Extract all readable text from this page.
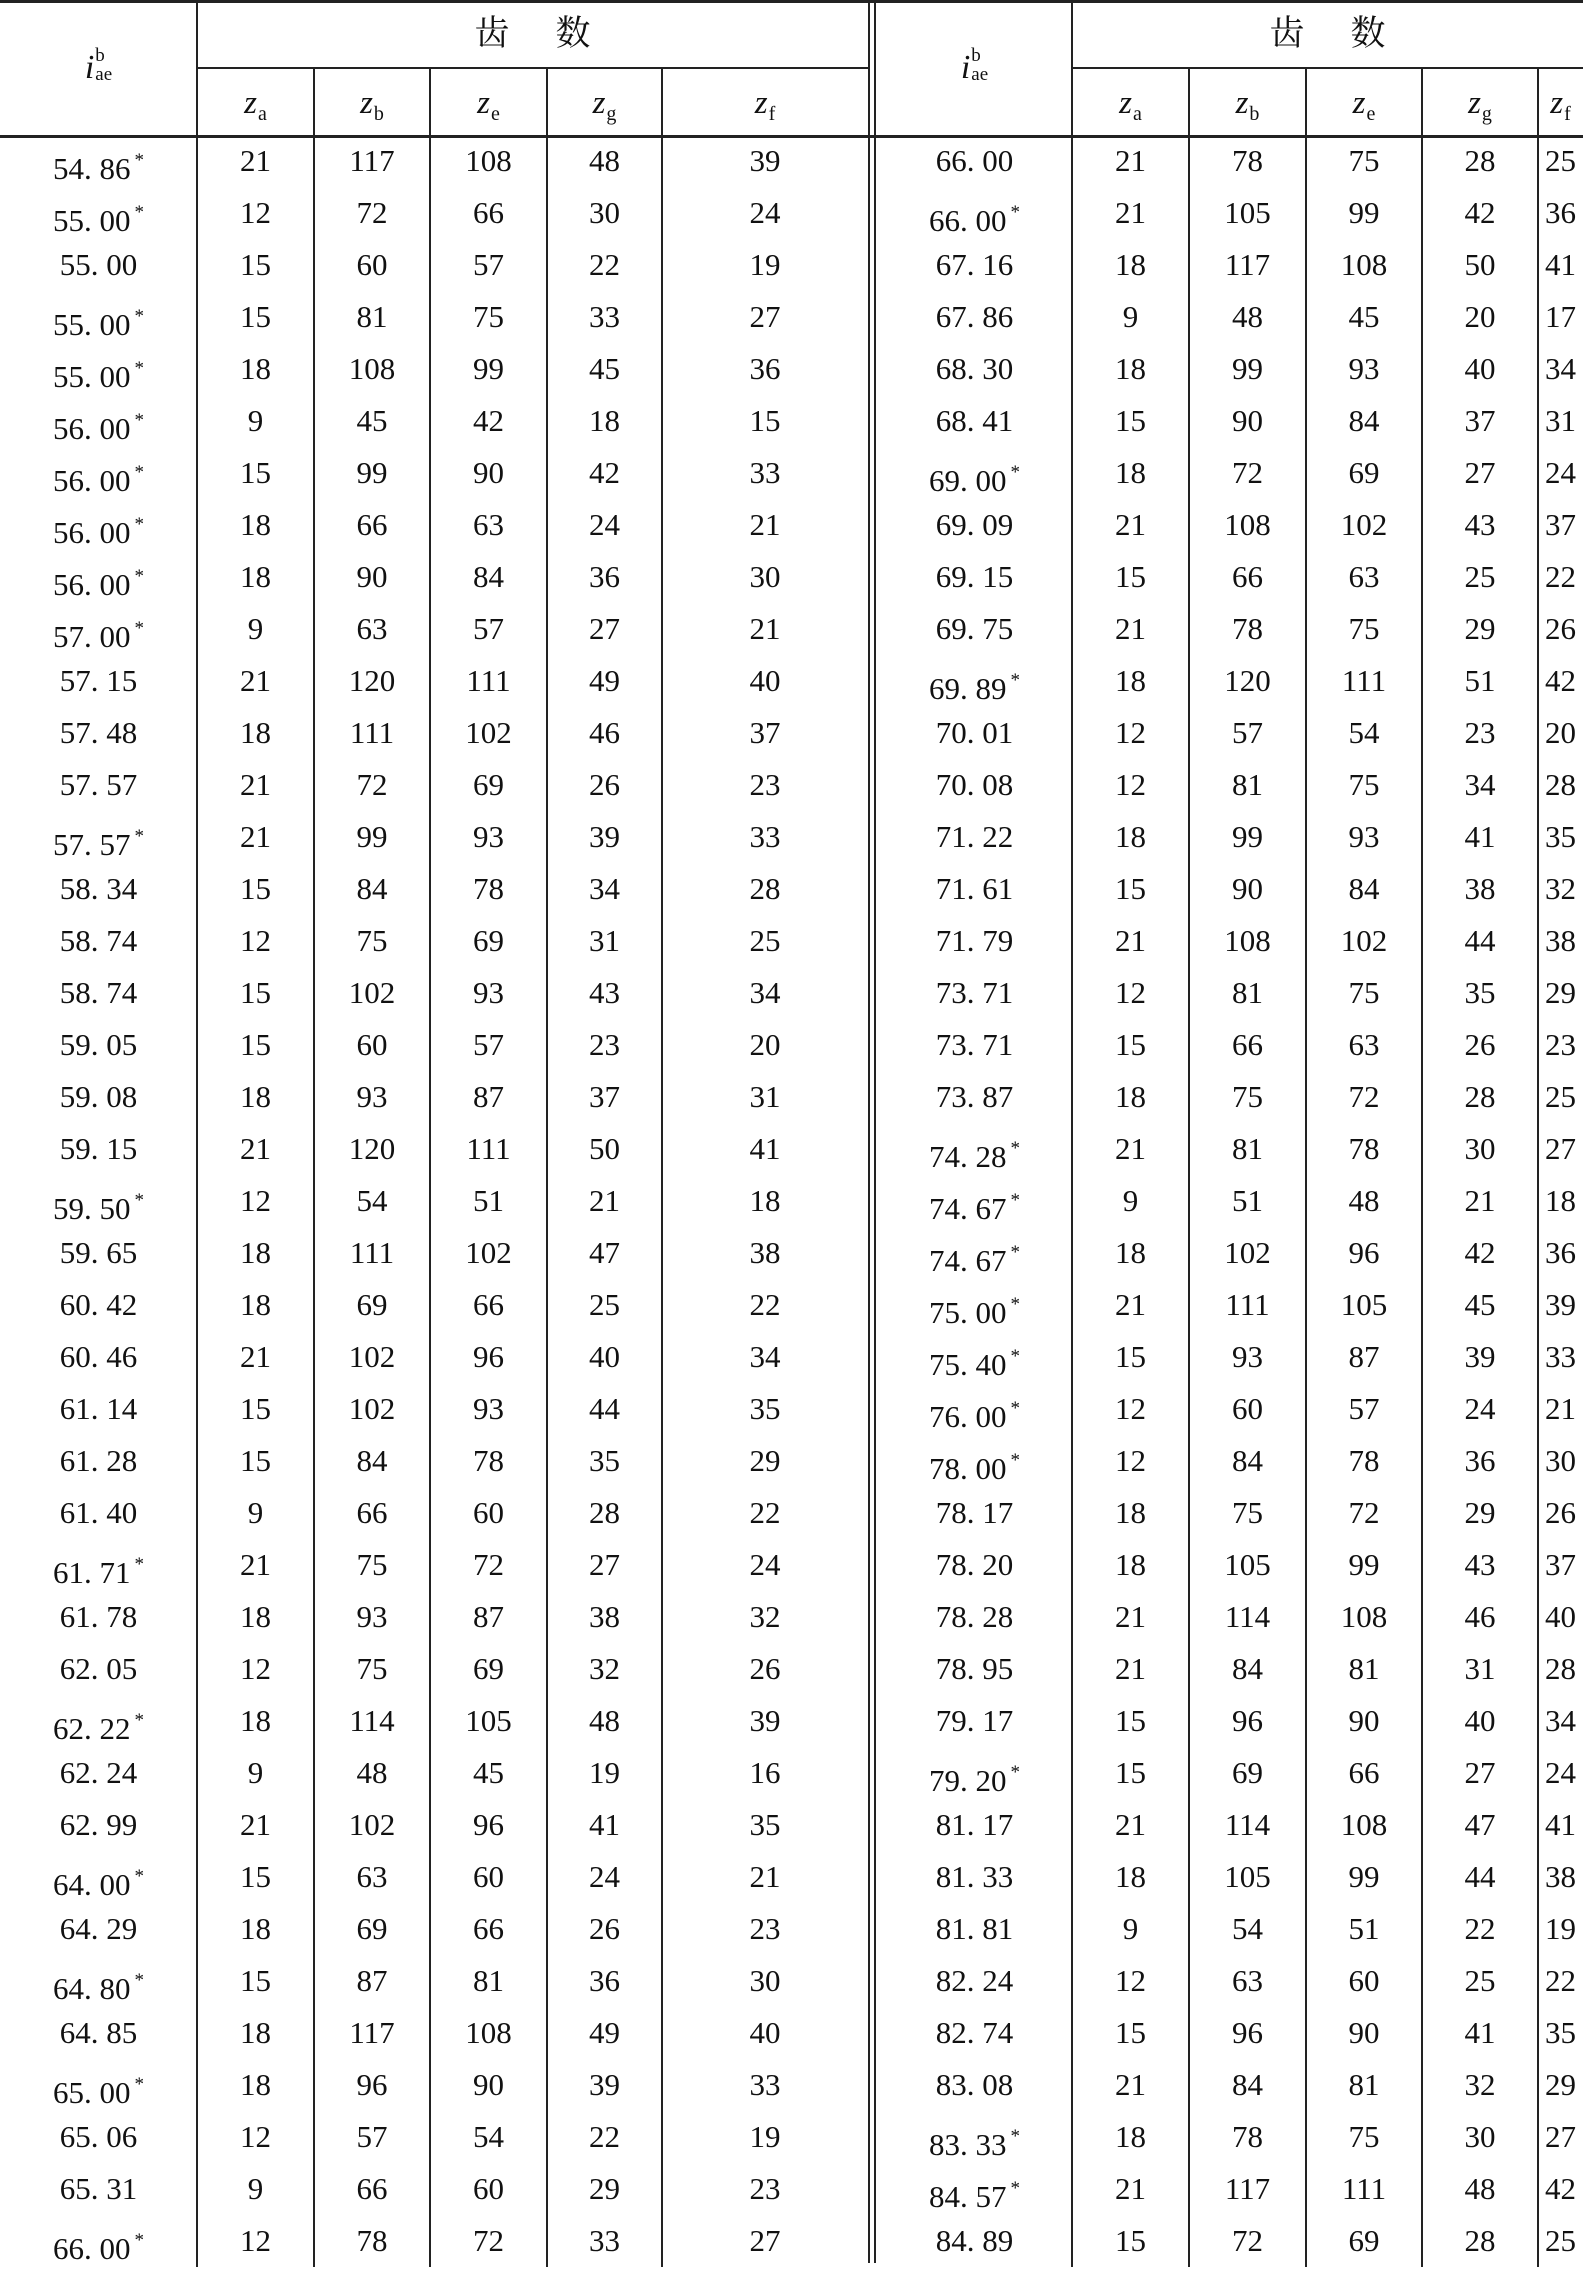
i b
ae
齿数
$z_a$	$z_b$	$z_e$	$z_g$	$z_f$
54. 86 *	21	117	108	48	39
55. 00 *	12	72	66	30	24
55. 00	15	60	57	22	19
55. 00 *	15	81	75	33	27
55. 00 *	18	108	99	45	36
56. 00 *	9	45	42	18	15
56. 00 *	15	99	90	42	33
56. 00 *	18	66	63	24	21
56. 00 *	18	90	84	36	30
57. 00 *	9	63	57	27	21
57. 15	21	120	111	49	40
57. 48	18	111	102	46	37
57. 57	21	72	69	26	23
57. 57 *	21	99	93	39	33
58. 34	15	84	78	34	28
58. 74	12	75	69	31	25
58. 74	15	102	93	43	34
59. 05	15	60	57	23	20
59. 08	18	93	87	37	31
59. 15	21	120	111	50	41
59. 50 *	12	54	51	21	18
59. 65	18	111	102	47	38
60. 42	18	69	66	25	22
60. 46	21	102	96	40	34
61. 14	15	102	93	44	35
61. 28	15	84	78	35	29
61. 40	9	66	60	28	22
61. 71 *	21	75	72	27	24
61. 78	18	93	87	38	32
62. 05	12	75	69	32	26
62. 22 *	18	114	105	48	39
62. 24	9	48	45	19	16
62. 99	21	102	96	41	35
64. 00 *	15	63	60	24	21
64. 29	18	69	66	26	23
64. 80 *	15	87	81	36	30
64. 85	18	117	108	49	40
65. 00 *	18	96	90	39	33
65. 06	12	57	54	22	19
65. 31	9	66	60	29	23
66. 00 *	12	78	72	33	27
i b
ae
齿数
$z_a$	$z_b$	$z_e$	$z_g$	$z_f$
66. 00	21	78	75	28	25
66. 00 *	21	105	99	42	36
67. 16	18	117	108	50	41
67. 86	9	48	45	20	17
68. 30	18	99	93	40	34
68. 41	15	90	84	37	31
69. 00 *	18	72	69	27	24
69. 09	21	108	102	43	37
69. 15	15	66	63	25	22
69. 75	21	78	75	29	26
69. 89 *	18	120	111	51	42
70. 01	12	57	54	23	20
70. 08	12	81	75	34	28
71. 22	18	99	93	41	35
71. 61	15	90	84	38	32
71. 79	21	108	102	44	38
73. 71	12	81	75	35	29
73. 71	15	66	63	26	23
73. 87	18	75	72	28	25
74. 28 *	21	81	78	30	27
74. 67 *	9	51	48	21	18
74. 67 *	18	102	96	42	36
75. 00 *	21	111	105	45	39
75. 40 *	15	93	87	39	33
76. 00 *	12	60	57	24	21
78. 00 *	12	84	78	36	30
78. 17	18	75	72	29	26
78. 20	18	105	99	43	37
78. 28	21	114	108	46	40
78. 95	21	84	81	31	28
79. 17	15	96	90	40	34
79. 20 *	15	69	66	27	24
81. 17	21	114	108	47	41
81. 33	18	105	99	44	38
81. 81	9	54	51	22	19
82. 24	12	63	60	25	22
82. 74	15	96	90	41	35
83. 08	21	84	81	32	29
83. 33 *	18	78	75	30	27
84. 57 *	21	117	111	48	42
84. 89	15	72	69	28	25
